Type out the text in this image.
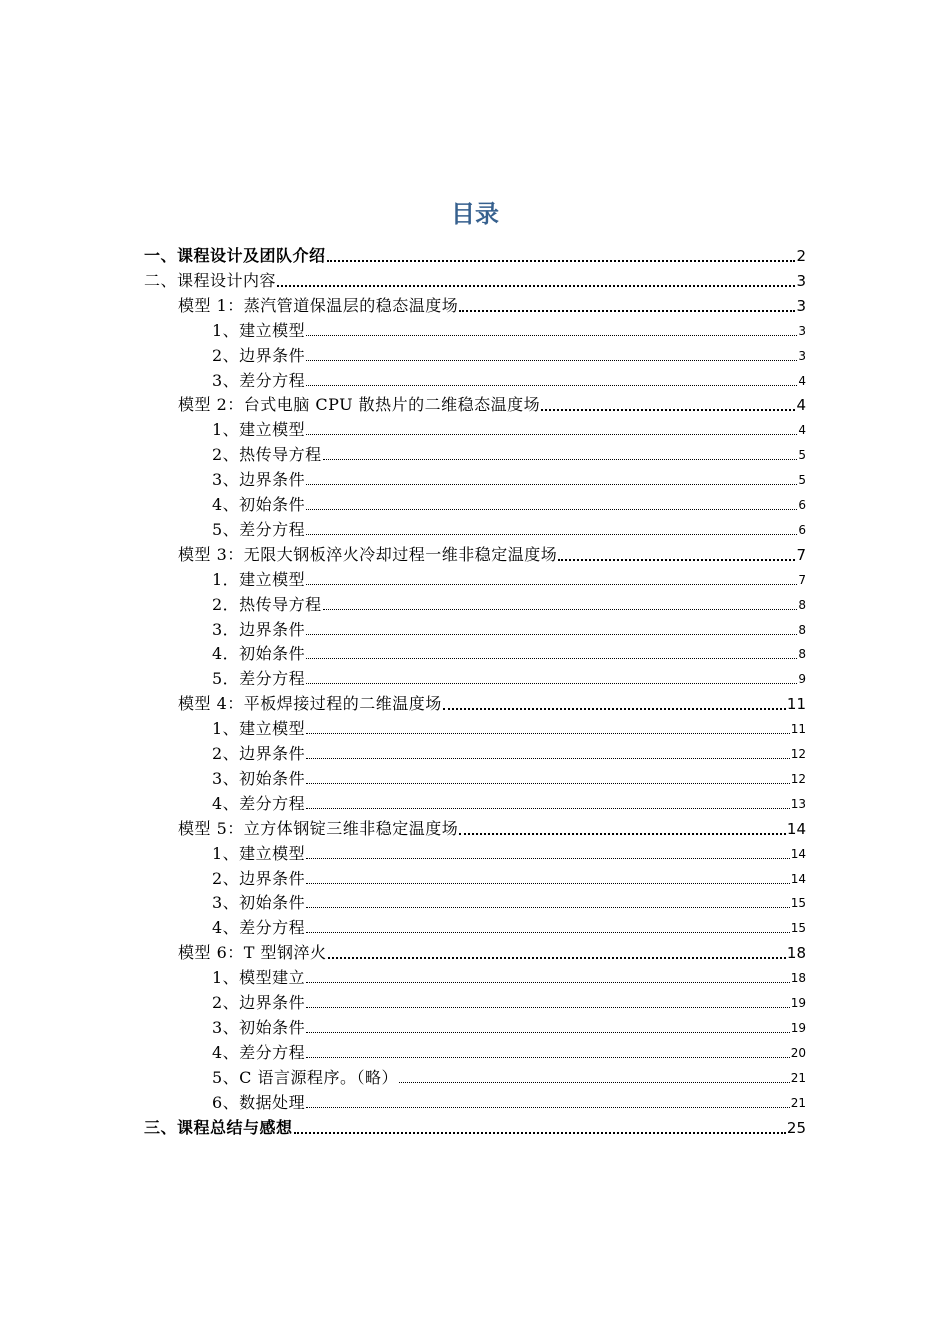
目录
一、课程设计及团队介绍	2
二、课程设计内容	3
模型 1：蒸汽管道保温层的稳态温度场	3
1、建立模型	3
2、边界条件	3
3、差分方程	4
模型 2：台式电脑 CPU 散热片的二维稳态温度场	4
1、建立模型	4
2、热传导方程	5
3、边界条件	5
4、初始条件	6
5、差分方程	6
模型 3：无限大钢板淬火冷却过程一维非稳定温度场	7
1．建立模型	7
2．热传导方程	8
3．边界条件	8
4．初始条件	8
5．差分方程	9
模型 4：平板焊接过程的二维温度场	11
1、建立模型	11
2、边界条件	12
3、初始条件	12
4、差分方程	13
模型 5：立方体钢锭三维非稳定温度场	14
1、建立模型	14
2、边界条件	14
3、初始条件	15
4、差分方程	15
模型 6：T 型钢淬火	18
1、模型建立	18
2、边界条件	19
3、初始条件	19
4、差分方程	20
5、C 语言源程序。（略）	21
6、数据处理	21
三、课程总结与感想	25
